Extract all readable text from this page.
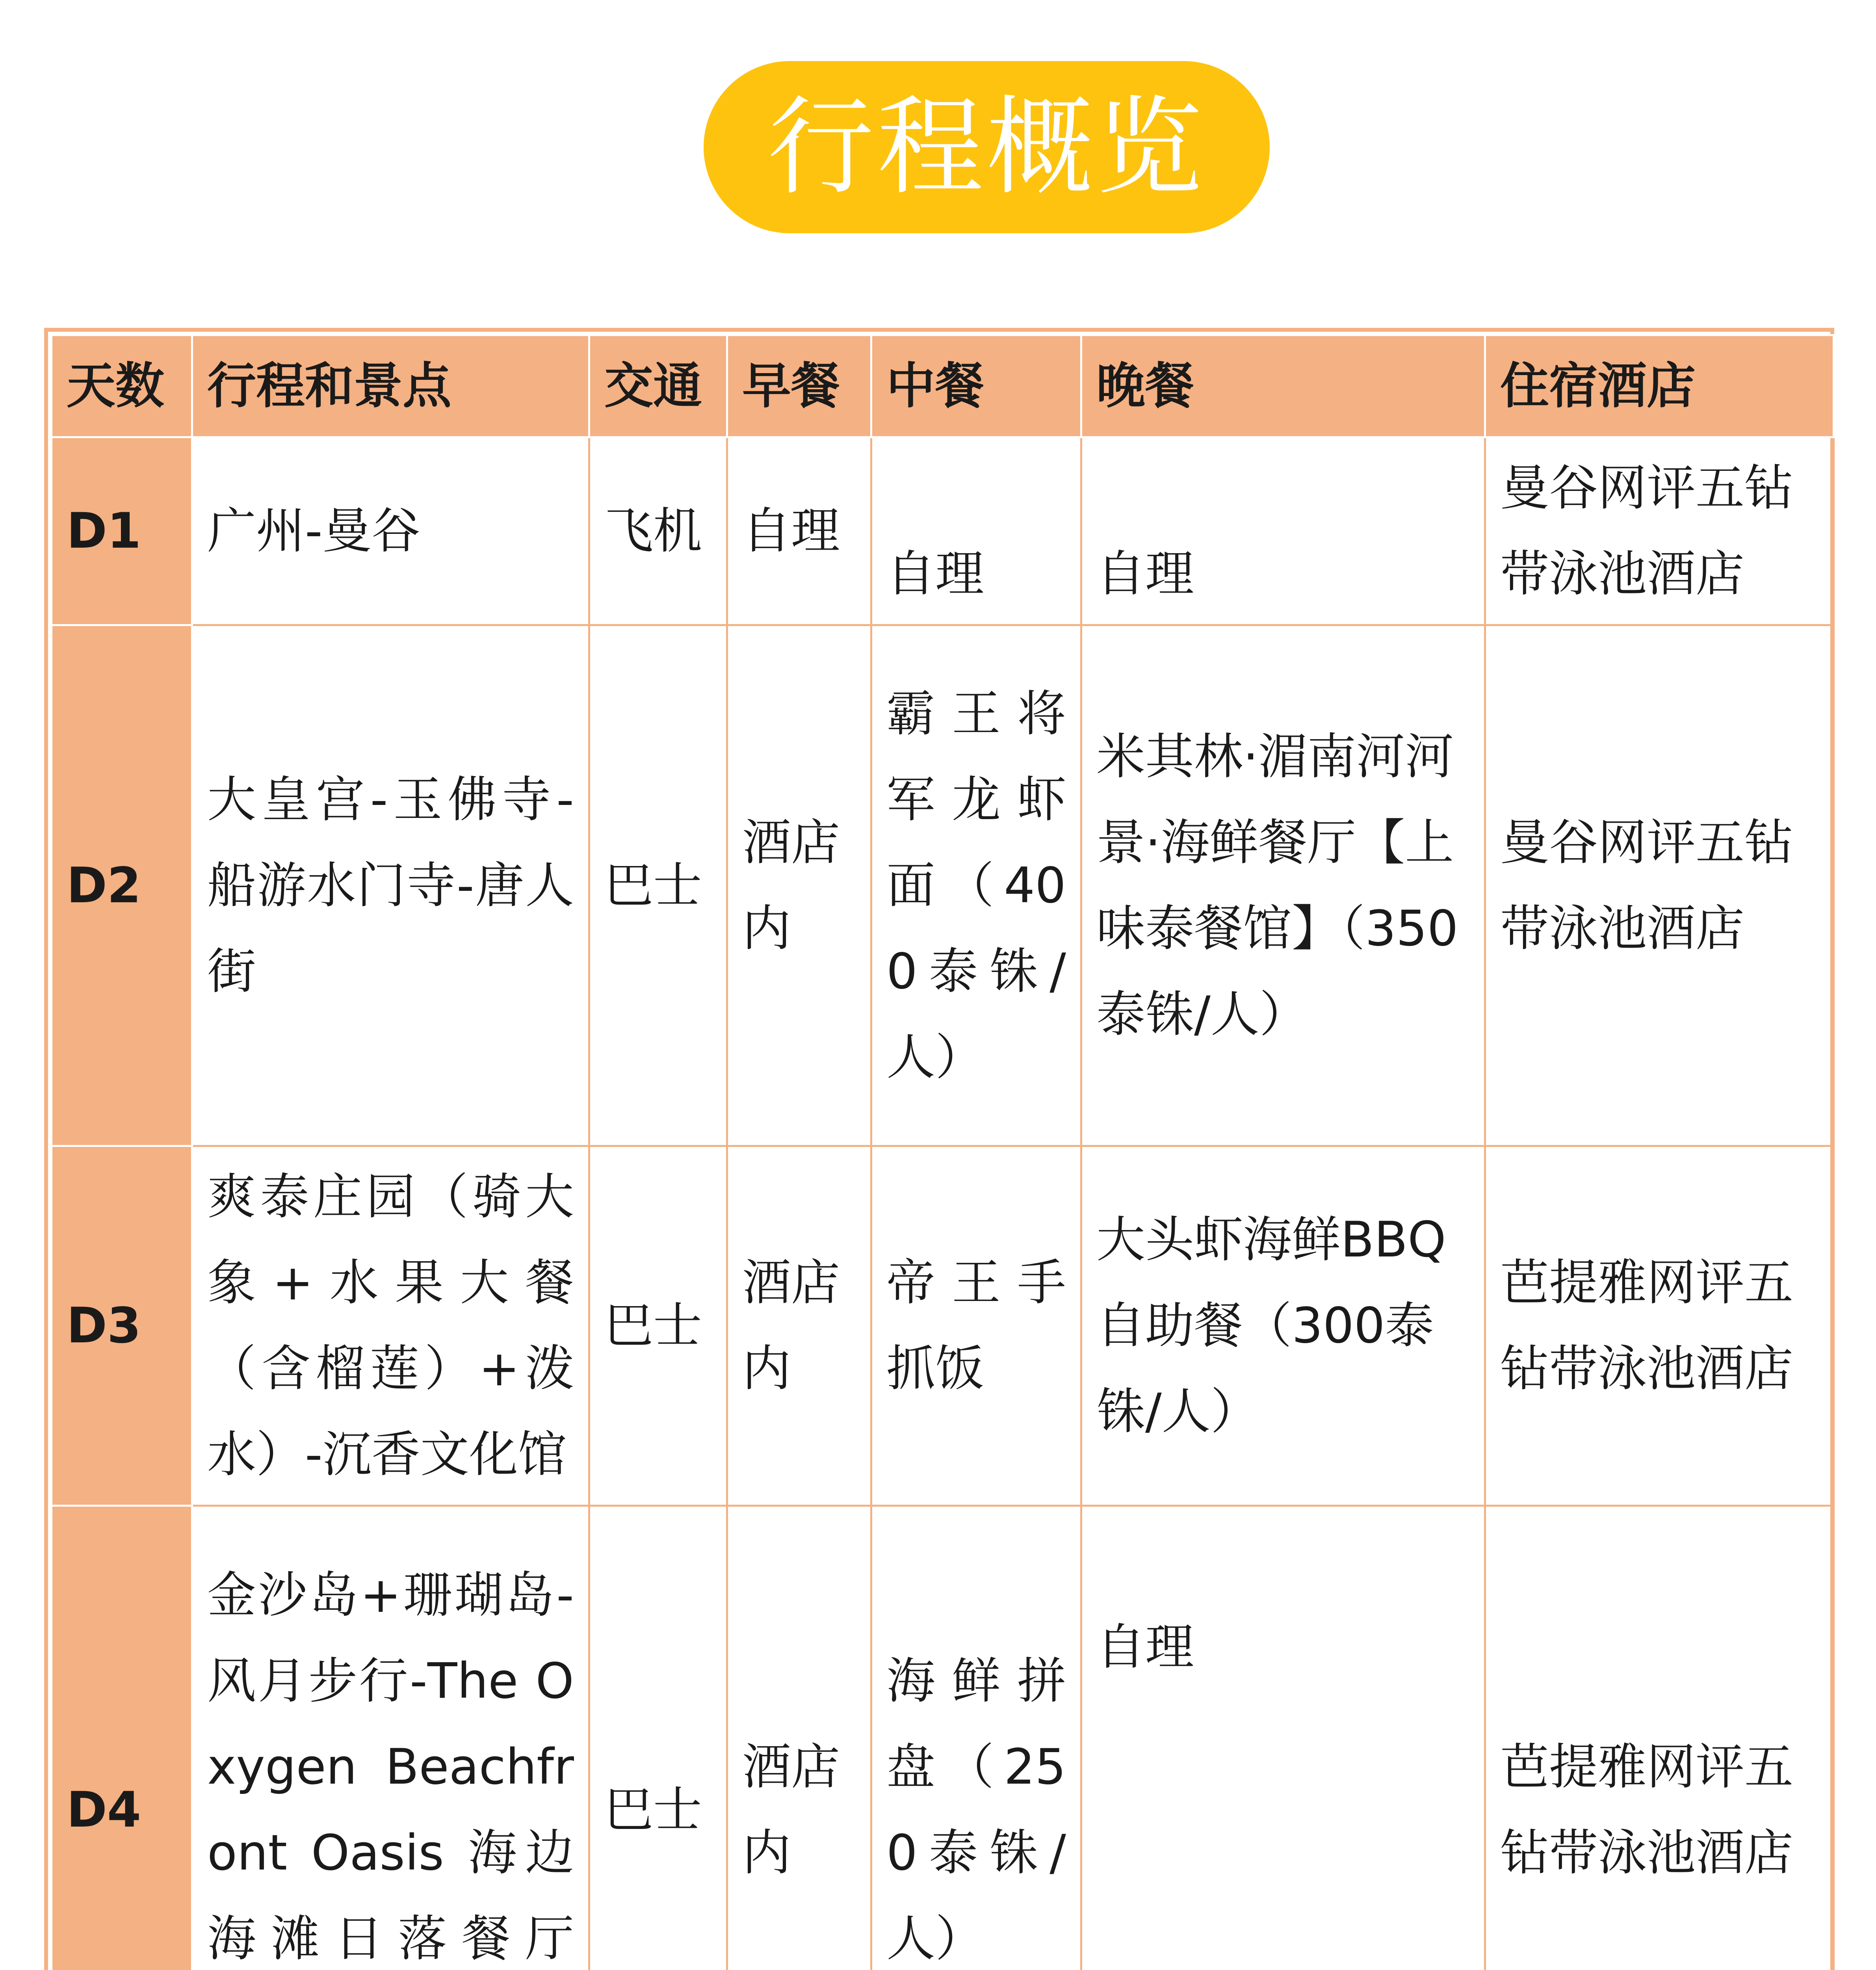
行程概览
天数	行程和景点	交通	早餐	中餐	晚餐	住宿酒店
D1	广州-曼谷	飞机	自理	自理	自理	曼谷网评五钻带泳池酒店
D2	大皇宫-玉佛寺-船游水门寺-唐人街	巴士	酒店内	霸王将军龙虾面（400泰铢/人）	米其林·湄南河河景·海鲜餐厅【上味泰餐馆】（350泰铢/人）	曼谷网评五钻带泳池酒店
D3	爽泰庄园（骑大象+水果大餐（含榴莲）+泼水）-沉香文化馆	巴士	酒店内	帝王手抓饭	大头虾海鲜BBQ自助餐（300泰铢/人）	芭提雅网评五钻带泳池酒店
D4	金沙岛+珊瑚岛-风月步行-The Oxygen Beachfront Oasis 海边海滩日落餐厅	巴士	酒店内	海鲜拼盘（250泰铢/人）	自理	芭提雅网评五钻带泳池酒店
